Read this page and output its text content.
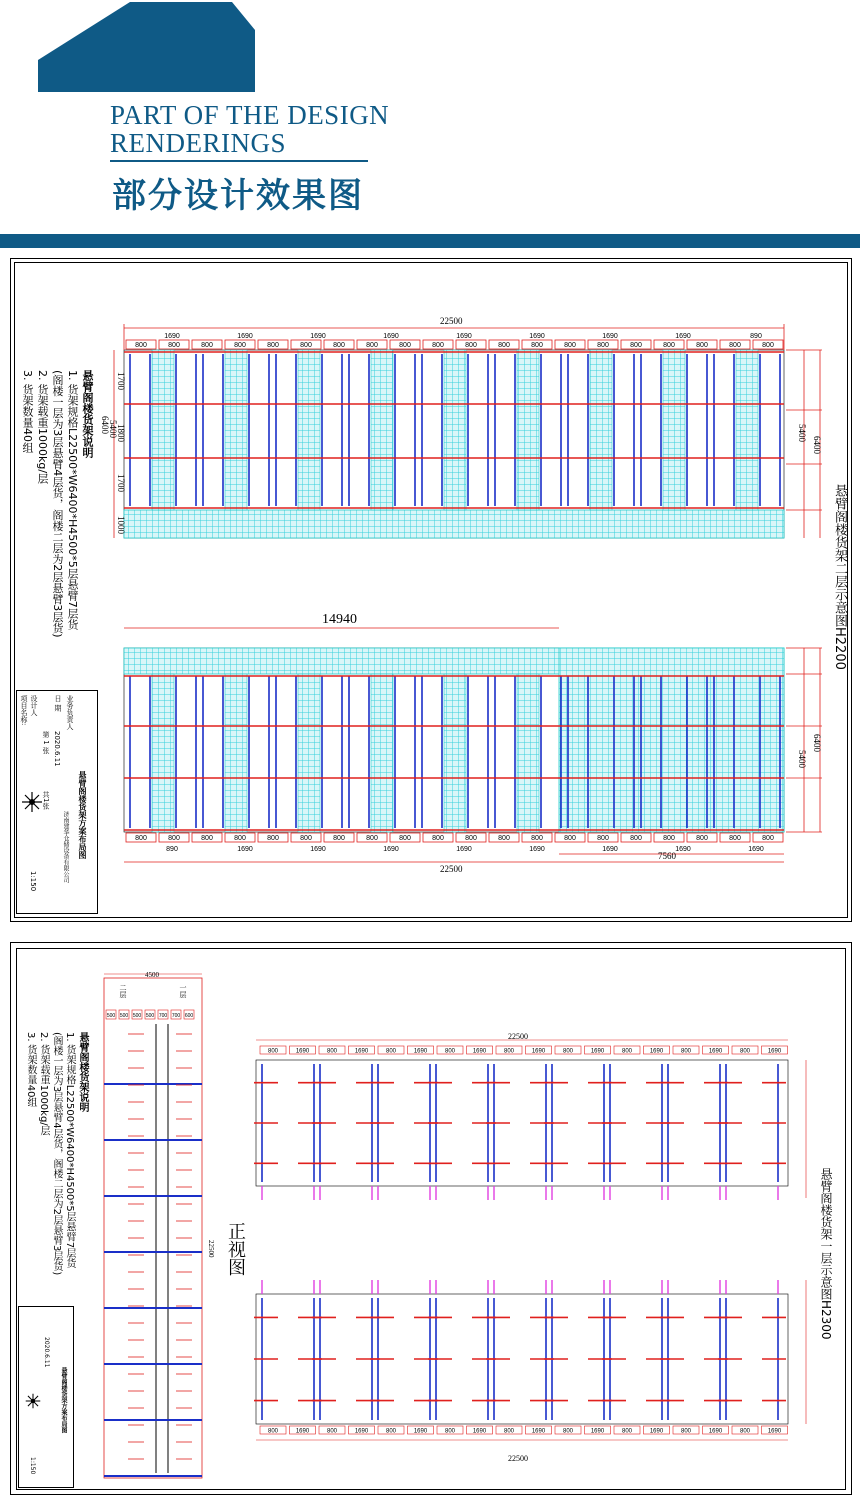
PART OF THE DESIGN RENDERINGS
部分设计效果图
800	800	800	800	800	800	800	800	800	800	800	800	800	800	800	800	800	800	800	800
1690	1690	1690	1690	1690	1690	1690	1690	890
800	800	800	800	800	800	800	800	800	800	800	800	800	800	800	800	800	800	800	800
890	1690	1690	1690	1690	1690	1690	1690	1690
22500
22500
14940
7560
悬臂阁楼货架二层示意图H2200
6400
5400
6400
5400
1700
1800
1700
1000
6400
5400
悬臂阁楼货架说明
1. 货架规格L22500*W6400*H4500*5层悬臂7层货
(阁楼一层为3层悬臂4层货，阁楼二层为2层悬臂3层货)
2. 货架载重1000kg/层
3. 货架数量40组
项目名称:
悬臂阁楼货架方案布局图
日 期
2020.6.11
第 1 张
共1张
设计人	业务负责人
1:150	济南建华仓储设备有限公司
500 500 500 500 700 700 600
800	1690	800	1690	800	1690	800	1690	800	1690	800	1690	800	1690	800	1690	800	1690
800	1690	800	1690	800	1690	800	1690	800	1690	800	1690	800	1690	800	1690	800	1690
悬臂阁楼货架一层示意图H2300
正视图
22500
22500
4500
二层	一层
22500
悬臂阁楼货架说明
1. 货架规格L22500*W6400*H4500*5层悬臂7层货
(阁楼一层为3层悬臂4层货，阁楼二层为2层悬臂3层货)
2. 货架载重1000kg/层
3. 货架数量40组
悬臂阁楼货架方案布局图
2020.6.11
1:150
